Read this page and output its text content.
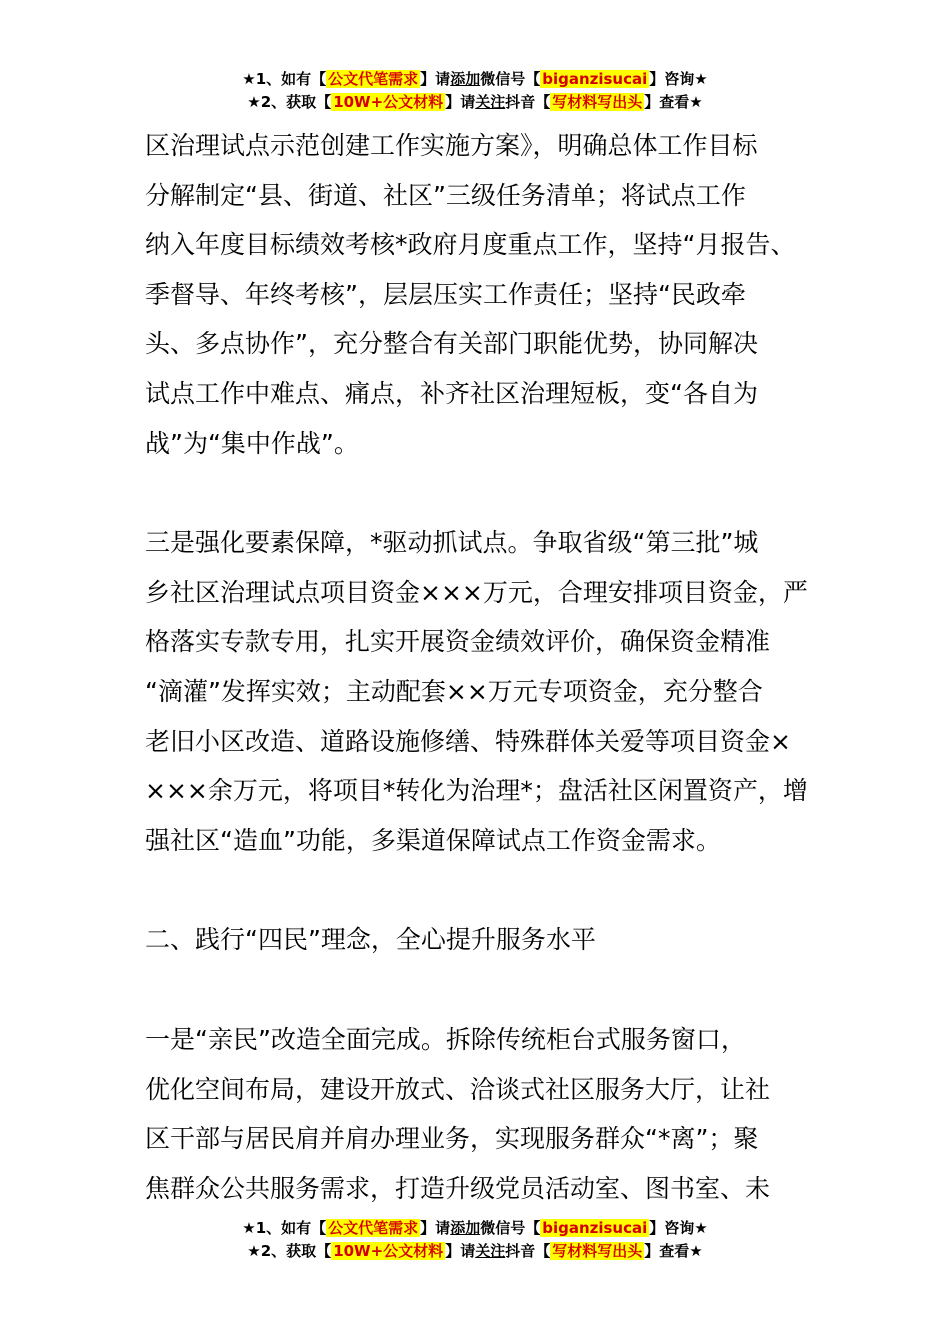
★1、如有【 公文代笔需求 】请添加微信号【 biganzisucai 】咨询★
★2、获取【 10W+公文材料 】请关注抖音【 写材料写出头 】查看★

区治理试点示范创建工作实施方案》，明确总体工作目标

分解制定“县、街道、社区”三级任务清单；将试点工作

纳入年度目标绩效考核*政府月度重点工作，坚持“月报告、

季督导、年终考核”，层层压实工作责任；坚持“民政牵

头、多点协作”，充分整合有关部门职能优势，协同解决

试点工作中难点、痛点，补齐社区治理短板，变“各自为

战”为“集中作战”。

三是强化要素保障，*驱动抓试点。争取省级“第三批”城

乡社区治理试点项目资金×××万元，合理安排项目资金，严

格落实专款专用，扎实开展资金绩效评价，确保资金精准

“滴灌”发挥实效；主动配套××万元专项资金，充分整合

老旧小区改造、道路设施修缮、特殊群体关爱等项目资金×

×××余万元，将项目*转化为治理*；盘活社区闲置资产，增

强社区“造血”功能，多渠道保障试点工作资金需求。

二、践行“四民”理念，全心提升服务水平

一是“亲民”改造全面完成。拆除传统柜台式服务窗口，

优化空间布局，建设开放式、洽谈式社区服务大厅，让社

区干部与居民肩并肩办理业务，实现服务群众“*离”；聚

焦群众公共服务需求，打造升级党员活动室、图书室、未

★1、如有【 公文代笔需求 】请添加微信号【 biganzisucai 】咨询★
★2、获取【 10W+公文材料 】请关注抖音【 写材料写出头 】查看★
